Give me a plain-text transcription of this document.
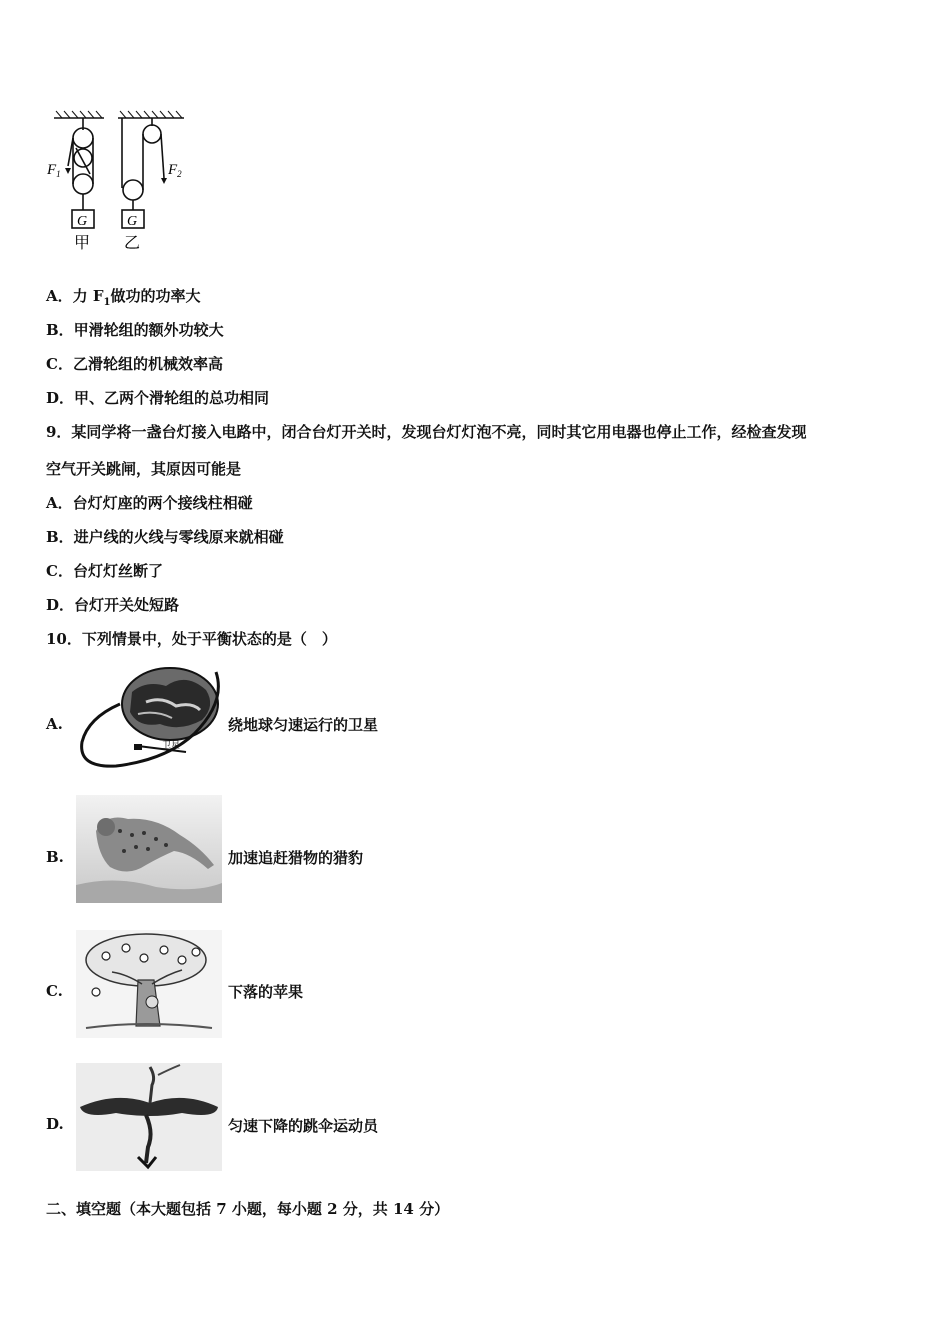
$F_1$	$F_2$
G	G
甲 乙
A．力 $F_1$做功的功率大
B．甲滑轮组的额外功较大
C．乙滑轮组的机械效率高
D．甲、乙两个滑轮组的总功相同
9．某同学将一盏台灯接入电路中，闭合台灯开关时，发现台灯灯泡不亮，同时其它用电器也停止工作，经检查发现
空气开关跳闸，其原因可能是
A．台灯灯座的两个接线柱相碰
B．进户线的火线与零线原来就相碰
C．台灯灯丝断了
D．台灯开关处短路
10．下列情景中，处于平衡状态的是（　）
A.
卫星
绕地球匀速运行的卫星
B.	加速追赶猎物的猎豹
C.	下落的苹果
D.	匀速下降的跳伞运动员
二、填空题（本大题包括 7 小题，每小题 2 分，共 14 分）
